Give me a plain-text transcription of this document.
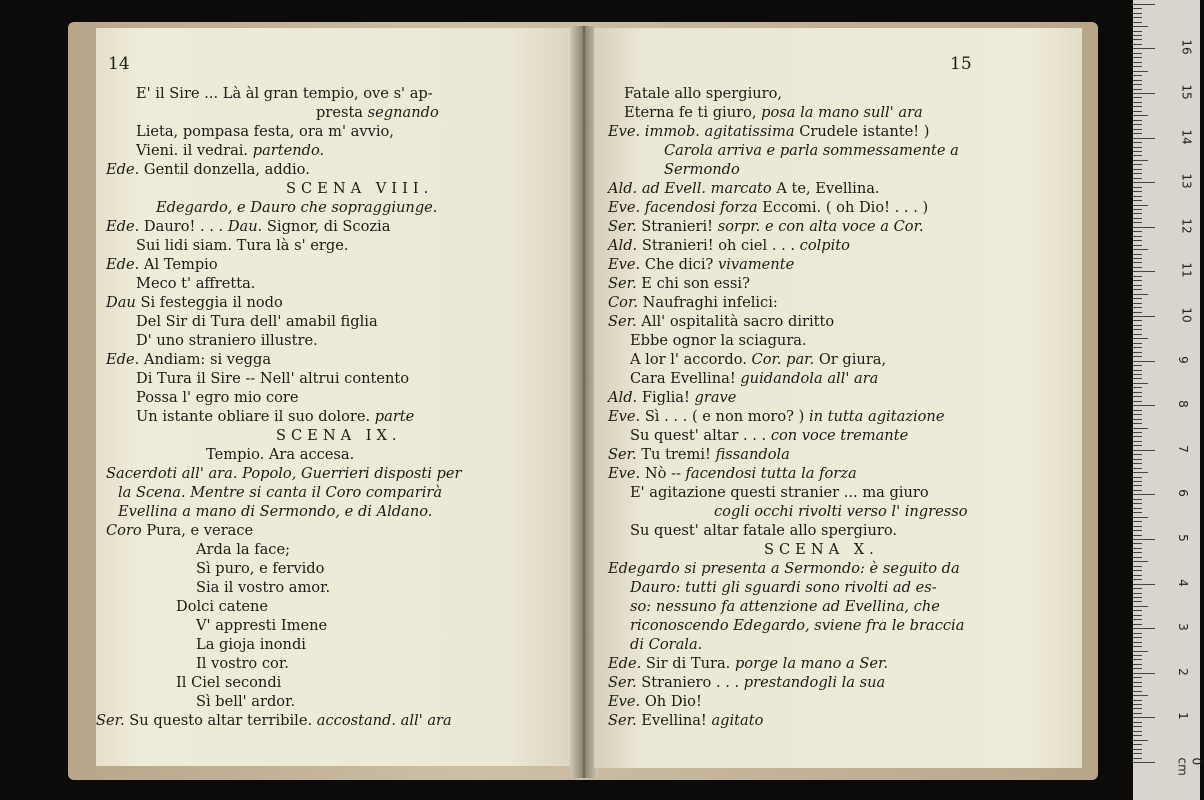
14
E' il Sire ... Là àl gran tempio, ove s' ap-
presta segnando
Lieta, pompasa festa, ora m' avvio,
Vieni. il vedrai. partendo.
Ede. Gentil donzella, addio.
SCENA VIII.
Edegardo, e Dauro che sopraggiunge.
Ede. Dauro! . . . Dau. Signor, di Scozia
Sui lidi siam. Tura là s' erge.
Ede. Al Tempio
Meco t' affretta.
Dau Si festeggia il nodo
Del Sir di Tura dell' amabil figlia
D' uno straniero illustre.
Ede. Andiam: si vegga
Di Tura il Sire -- Nell' altrui contento
Possa l' egro mio core
Un istante obliare il suo dolore. parte
SCENA IX.
Tempio. Ara accesa.
Sacerdoti all' ara. Popolo, Guerrieri disposti per
la Scena. Mentre si canta il Coro comparirà
Evellina a mano di Sermondo, e di Aldano.
Coro Pura, e verace
Arda la face;
Sì puro, e fervido
Sia il vostro amor.
Dolci catene
V' appresti Imene
La gioja inondi
Il vostro cor.
Il Ciel secondi
Sì bell' ardor.
Ser. Su questo altar terribile. accostand. all' ara
15
Fatale allo spergiuro,
Eterna fe ti giuro, posa la mano sull' ara
Eve. immob. agitatissima Crudele istante! )
Carola arriva e parla sommessamente a
Sermondo
Ald. ad Evell. marcato A te, Evellina.
Eve. facendosi forza Eccomi. ( oh Dio! . . . )
Ser. Stranieri! sorpr. e con alta voce a Cor.
Ald. Stranieri! oh ciel . . . colpito
Eve. Che dici? vivamente
Ser. E chi son essi?
Cor. Naufraghi infelici:
Ser. All' ospitalità sacro diritto
Ebbe ognor la sciagura.
A lor l' accordo. Cor. par. Or giura,
Cara Evellina! guidandola all' ara
Ald. Figlia! grave
Eve. Sì . . . ( e non moro? ) in tutta agitazione
Su quest' altar . . . con voce tremante
Ser. Tu tremi! fissandola
Eve. Nò -- facendosi tutta la forza
E' agitazione questi stranier ... ma giuro
cogli occhi rivolti verso l' ingresso
Su quest' altar fatale allo spergiuro.
SCENA X.
Edegardo si presenta a Sermondo: è seguito da
Dauro: tutti gli sguardi sono rivolti ad es-
so: nessuno fa attenzione ad Evellina, che
riconoscendo Edegardo, sviene fra le braccia
di Corala.
Ede. Sir di Tura. porge la mano a Ser.
Ser. Straniero . . . prestandogli la sua
Eve. Oh Dio!
Ser. Evellina! agitato
0 cm
1
2
3
4
5
6
7
8
9
10
11
12
13
14
15
16
